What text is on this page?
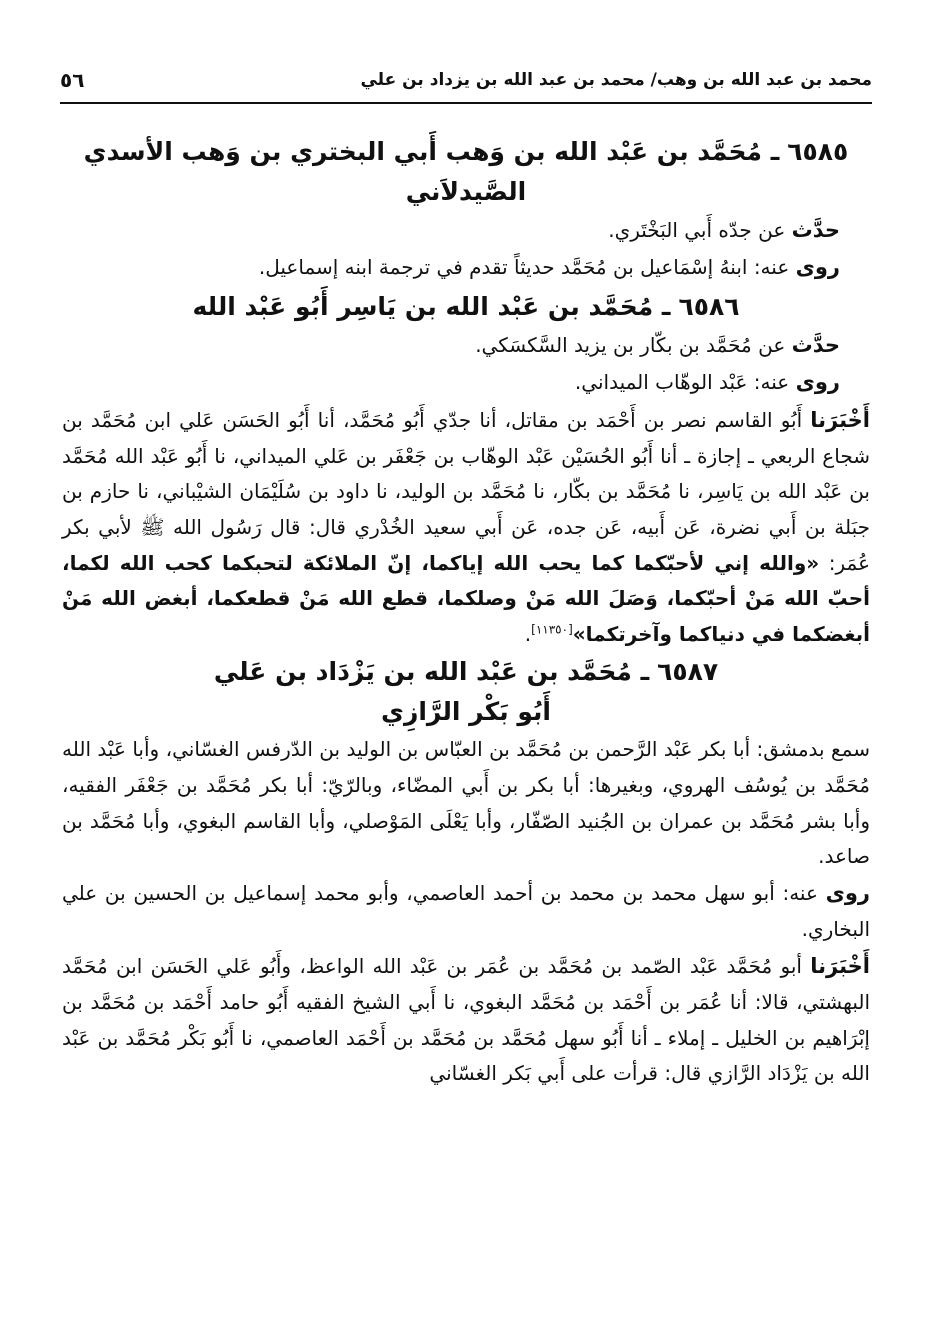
محمد بن عبد الله بن وهب/ محمد بن عبد الله بن يزداد بن علي
٥٦
٦٥٨٥ـ مُحَمَّد بن عَبْد الله بن وَهب أَبي البختري بن وَهب الأسدي الصَّيدلاَني

حدَّث عن جدّه أَبي البَخْتَري.

روى عنه: ابنهُ إسْمَاعيل بن مُحَمَّد حديثاً تقدم في ترجمة ابنه إسماعيل.

٦٥٨٦ـ مُحَمَّد بن عَبْد الله بن يَاسِر أَبُو عَبْد الله

حدَّث عن مُحَمَّد بن بكّار بن يزيد السَّكسَكي.

روى عنه: عَبْد الوهّاب الميداني.

أَخْبَرَنا أَبُو القاسم نصر بن أَحْمَد بن مقاتل، أنا جدّي أَبُو مُحَمَّد، أنا أَبُو الحَسَن عَلي ابن مُحَمَّد بن شجاع الربعي ـ إجازة ـ أنا أَبُو الحُسَيْن عَبْد الوهّاب بن جَعْفَر بن عَلي الميداني، نا أَبُو عَبْد الله مُحَمَّد بن عَبْد الله بن يَاسِر، نا مُحَمَّد بن بكّار، نا مُحَمَّد بن الوليد، نا داود بن سُلَيْمَان الشيْباني، نا حازم بن جبَلة بن أَبي نضرة، عَن أَبيه، عَن جده، عَن أَبي سعيد الخُدْري قال: قال رَسُول الله ﷺ لأبي بكر عُمَر: «والله إني لأحبّكما كما يحب الله إياكما، إنّ الملائكة لتحبكما كحب الله لكما، أحبّ الله مَنْ أحبّكما، وَصَلَ الله مَنْ وصلكما، قطع الله مَنْ قطعكما، أبغض الله مَنْ أبغضكما في دنياكما وآخرتكما»[١١٣٥٠].

٦٥٨٧ـ مُحَمَّد بن عَبْد الله بن يَزْدَاد بن عَلي
أَبُو بَكْر الرَّازِي

سمع بدمشق: أبا بكر عَبْد الرَّحمن بن مُحَمَّد بن العبّاس بن الوليد بن الدّرفس الغسّاني، وأبا عَبْد الله مُحَمَّد بن يُوسُف الهروي، وبغيرها: أبا بكر بن أَبي المضّاء، وبالرّيّ: أبا بكر مُحَمَّد بن جَعْفَر الفقيه، وأبا بشر مُحَمَّد بن عمران بن الجُنيد الصّفّار، وأبا يَعْلَى المَوْصلي، وأبا القاسم البغوي، وأبا مُحَمَّد بن صاعد.

روى عنه: أبو سهل محمد بن محمد بن أحمد العاصمي، وأبو محمد إسماعيل بن الحسين بن علي البخاري.

أَخْبَرَنا أبو مُحَمَّد عَبْد الصّمد بن مُحَمَّد بن عُمَر بن عَبْد الله الواعظ، وأَبُو عَلي الحَسَن ابن مُحَمَّد البهشتي، قالا: أنا عُمَر بن أَحْمَد بن مُحَمَّد البغوي، نا أَبي الشيخ الفقيه أَبُو حامد أَحْمَد بن مُحَمَّد بن إبْرَاهيم بن الخليل ـ إملاء ـ أنا أَبُو سهل مُحَمَّد بن مُحَمَّد بن أَحْمَد العاصمي، نا أَبُو بَكْر مُحَمَّد بن عَبْد الله بن يَزْدَاد الرَّازي قال: قرأت على أَبي بَكر الغسّاني
